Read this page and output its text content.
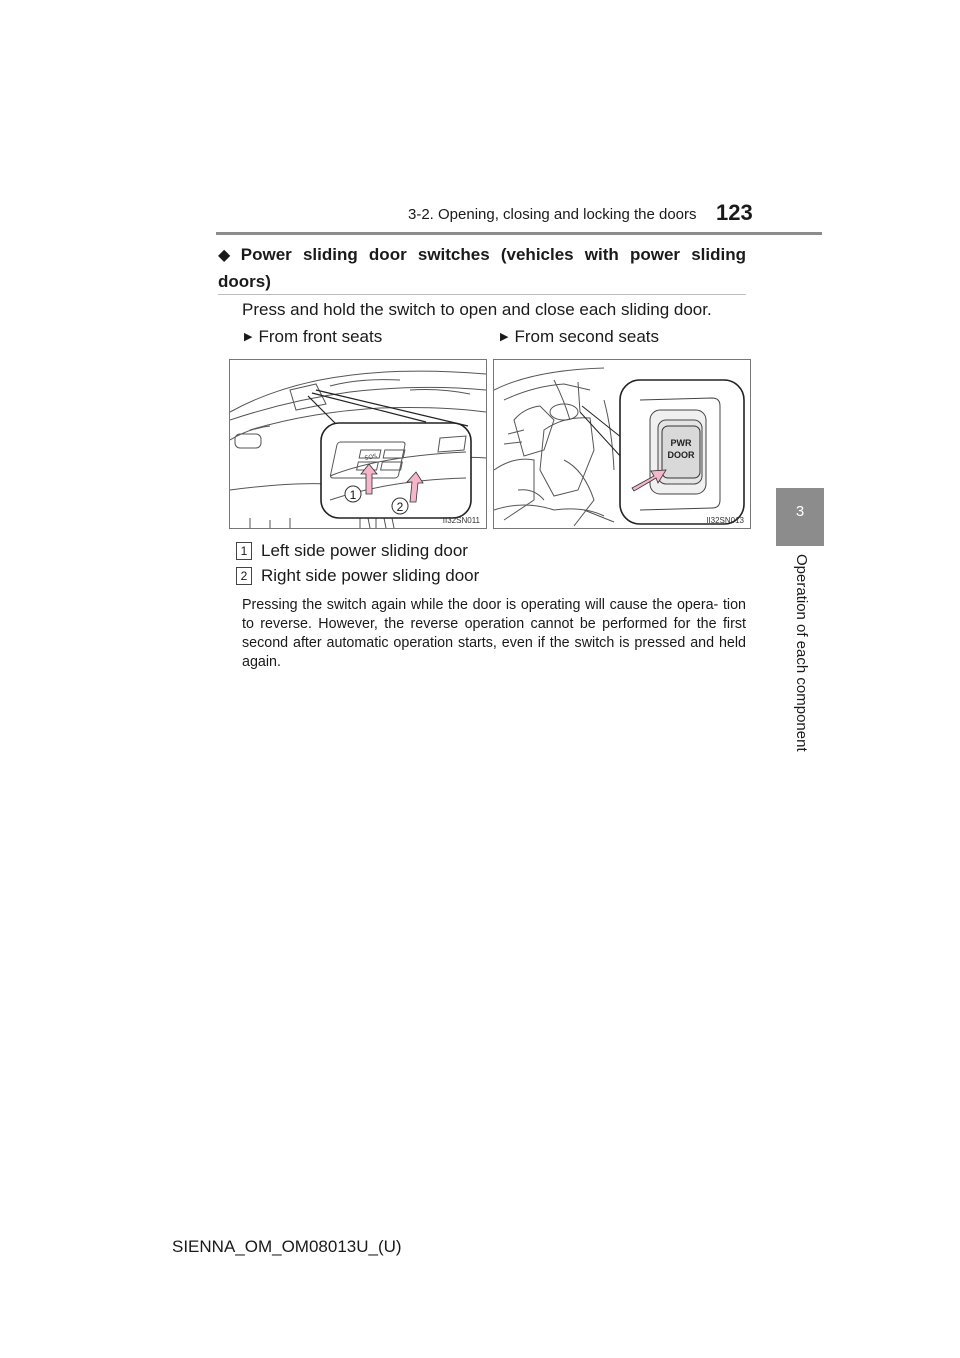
3-2. Opening, closing and locking the doors 123
3
Operation of each component
◆ Power sliding door switches (vehicles with power sliding doors)
Press and hold the switch to open and close each sliding door.
▶ From front seats	▶ From second seats
SOS
1
2
II32SN011
PWR
DOOR
II32SN013
1 Left side power sliding door
2 Right side power sliding door
Pressing the switch again while the door is operating will cause the opera- tion to reverse. However, the reverse operation cannot be performed for the first second after automatic operation starts, even if the switch is pressed and held again.
SIENNA_OM_OM08013U_(U)
